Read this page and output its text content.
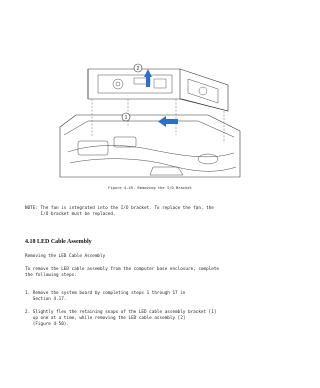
2
1
Figure 4-49. Removing the I/O Bracket
NOTE: The fan is integrated into the I/O bracket. To replace the fan, the
I/O bracket must be replaced.
4.18 LED Cable Assembly
Removing the LED Cable Assembly
To remove the LED cable assembly from the computer base enclosure, complete
the following steps:
1. Remove the system board by completing steps 1 through 17 in
Section 4.17.
2. Slightly flex the retaining snaps of the LED cable assembly bracket [1]
up one at a time, while removing the LED cable assembly [2]
(Figure 4-50).
